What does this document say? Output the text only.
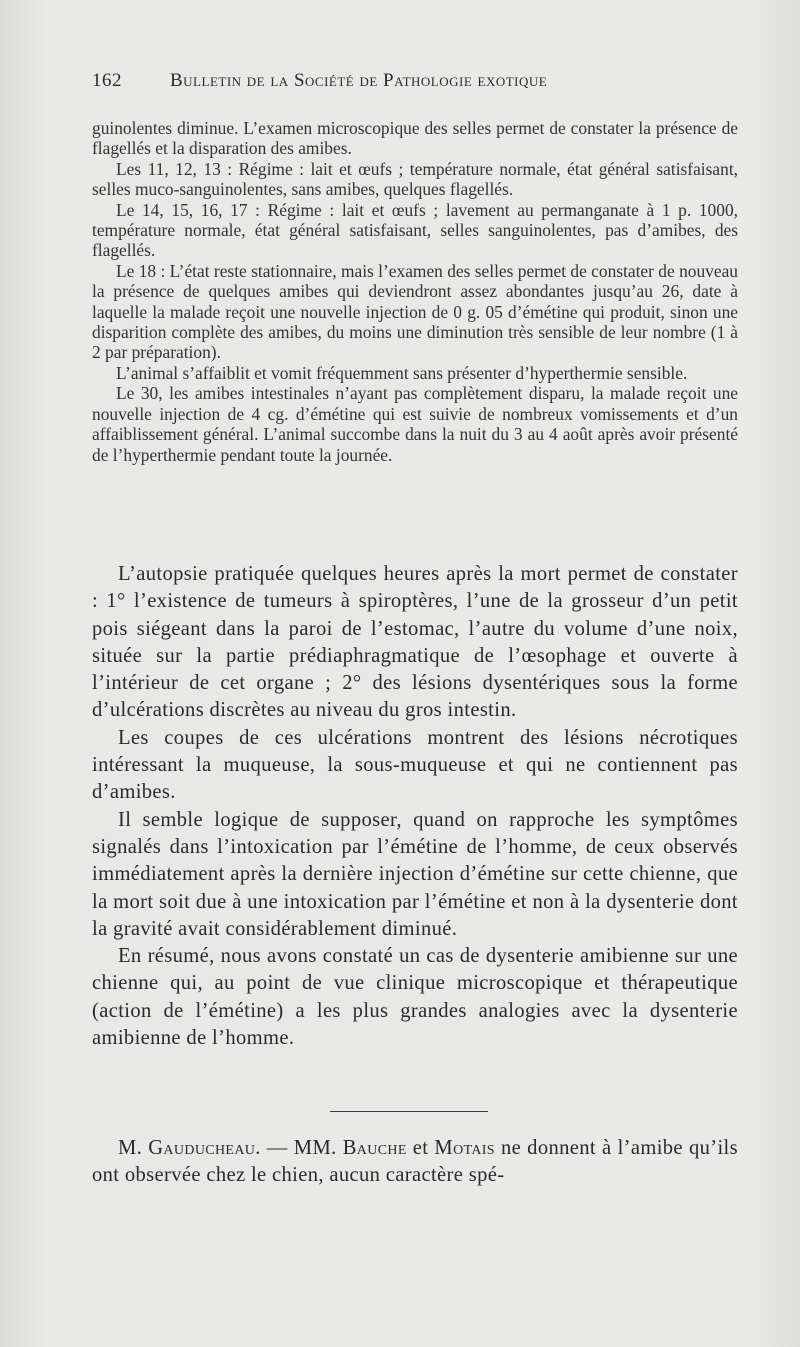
162	Bulletin de la Société de Pathologie exotique

guinolentes diminue. L’examen microscopique des selles permet de constater la présence de flagellés et la disparation des amibes.

Les 11, 12, 13 : Régime : lait et œufs ; température normale, état général satisfaisant, selles muco-sanguinolentes, sans amibes, quelques flagellés.

Le 14, 15, 16, 17 : Régime : lait et œufs ; lavement au permanganate à 1 p. 1000, température normale, état général satisfaisant, selles sanguinolentes, pas d’amibes, des flagellés.

Le 18 : L’état reste stationnaire, mais l’examen des selles permet de constater de nouveau la présence de quelques amibes qui deviendront assez abondantes jusqu’au 26, date à laquelle la malade reçoit une nouvelle injection de 0 g. 05 d’émétine qui produit, sinon une disparition complète des amibes, du moins une diminution très sensible de leur nombre (1 à 2 par préparation).

L’animal s’affaiblit et vomit fréquemment sans présenter d’hyperthermie sensible.

Le 30, les amibes intestinales n’ayant pas complètement disparu, la malade reçoit une nouvelle injection de 4 cg. d’émétine qui est suivie de nombreux vomissements et d’un affaiblissement général. L’animal succombe dans la nuit du 3 au 4 août après avoir présenté de l’hyperthermie pendant toute la journée.

L’autopsie pratiquée quelques heures après la mort permet de constater : 1° l’existence de tumeurs à spiroptères, l’une de la grosseur d’un petit pois siégeant dans la paroi de l’estomac, l’autre du volume d’une noix, située sur la partie prédiaphragmatique de l’œsophage et ouverte à l’intérieur de cet organe ; 2° des lésions dysentériques sous la forme d’ulcérations discrètes au niveau du gros intestin.

Les coupes de ces ulcérations montrent des lésions nécrotiques intéressant la muqueuse, la sous-muqueuse et qui ne contiennent pas d’amibes.

Il semble logique de supposer, quand on rapproche les symptômes signalés dans l’intoxication par l’émétine de l’homme, de ceux observés immédiatement après la dernière injection d’émétine sur cette chienne, que la mort soit due à une intoxication par l’émétine et non à la dysenterie dont la gravité avait considérablement diminué.

En résumé, nous avons constaté un cas de dysenterie amibienne sur une chienne qui, au point de vue clinique microscopique et thérapeutique (action de l’émétine) a les plus grandes analogies avec la dysenterie amibienne de l’homme.

M. Gauducheau. — MM. Bauche et Motais ne donnent à l’amibe qu’ils ont observée chez le chien, aucun caractère spé-
